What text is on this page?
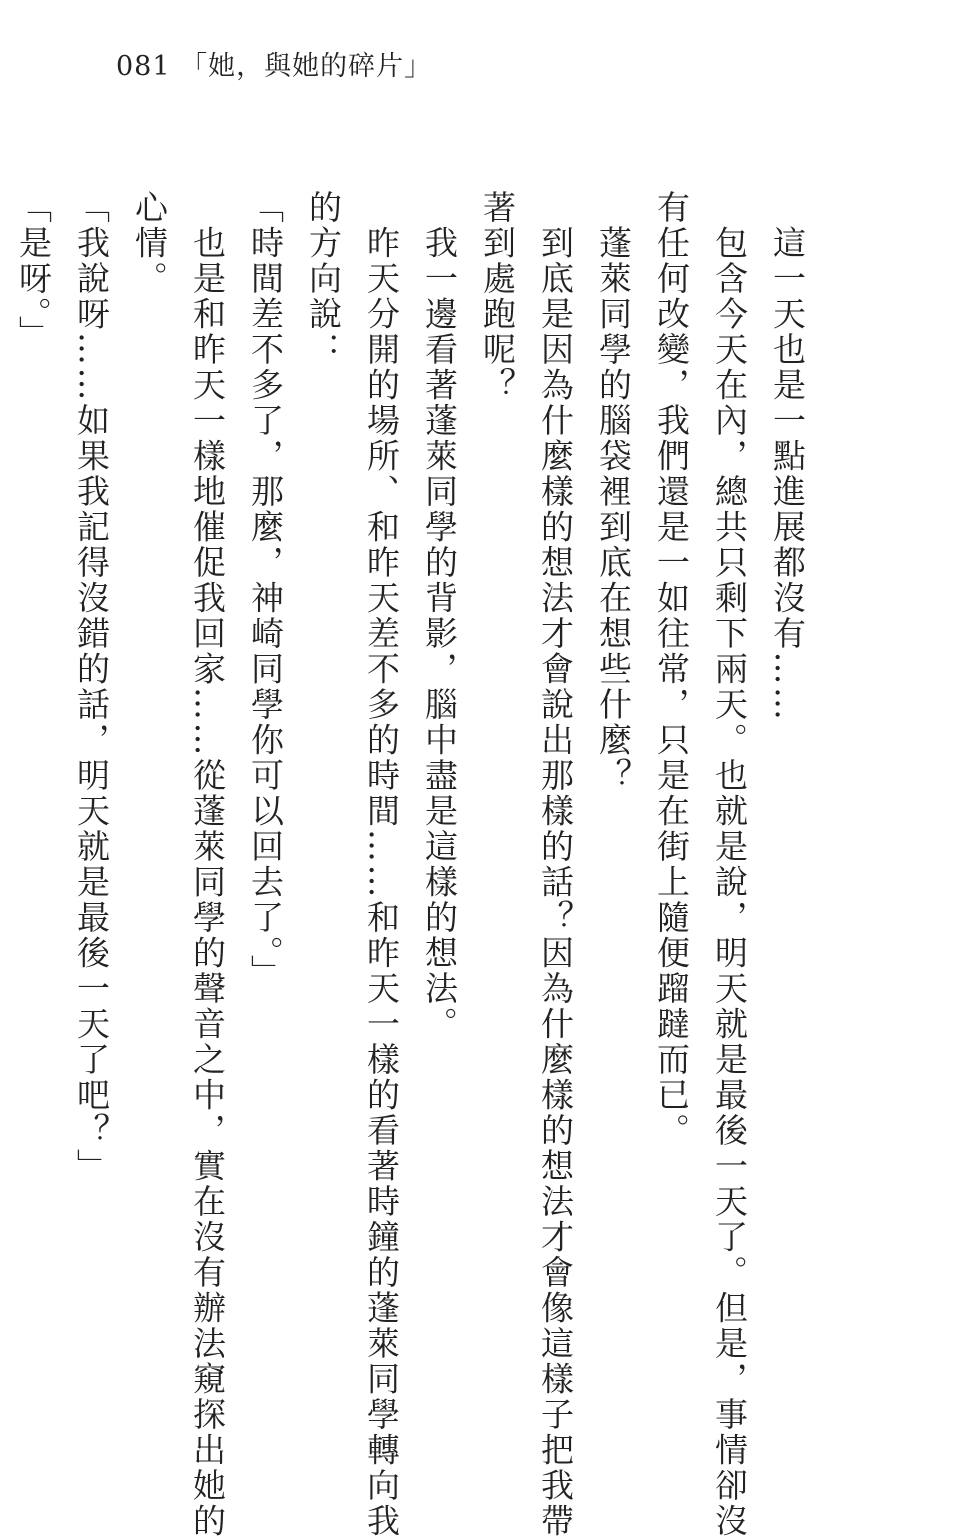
081 「她，與她的碎片」
　這一天也是一點進展都沒有……
　包含今天在內，總共只剩下兩天。也就是說，明天就是最後一天了。但是，事情卻沒
有任何改變，我們還是一如往常，只是在街上隨便蹓躂而已。
　蓬萊同學的腦袋裡到底在想些什麼？
　到底是因為什麼樣的想法才會說出那樣的話？因為什麼樣的想法才會像這樣子把我帶
著到處跑呢？
　我一邊看著蓬萊同學的背影，腦中盡是這樣的想法。
　昨天分開的場所、和昨天差不多的時間……和昨天一樣的看著時鐘的蓬萊同學轉向我
的方向說：
「時間差不多了，那麼，神崎同學你可以回去了。」
　也是和昨天一樣地催促我回家……從蓬萊同學的聲音之中，實在沒有辦法窺探出她的
心情。
「我說呀……如果我記得沒錯的話，明天就是最後一天了吧？」
「是呀。」
